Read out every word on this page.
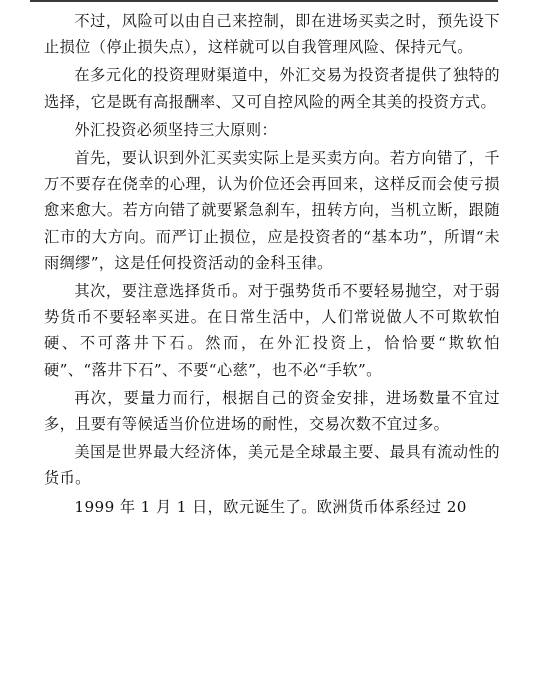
不过，风险可以由自己来控制，即在进场买卖之时，预先设下止损位（停止损失点），这样就可以自我管理风险、保持元气。

在多元化的投资理财渠道中，外汇交易为投资者提供了独特的选择，它是既有高报酬率、又可自控风险的两全其美的投资方式。

外汇投资必须坚持三大原则：

首先，要认识到外汇买卖实际上是买卖方向。若方向错了，千万不要存在侥幸的心理，认为价位还会再回来，这样反而会使亏损愈来愈大。若方向错了就要紧急刹车，扭转方向，当机立断，跟随汇市的大方向。而严订止损位，应是投资者的“基本功”，所谓“未雨绸缪”，这是任何投资活动的金科玉律。

其次，要注意选择货币。对于强势货币不要轻易抛空，对于弱势货币不要轻率买进。在日常生活中，人们常说做人不可欺软怕硬、不可落井下石。然而，在外汇投资上，恰恰要“欺软怕硬”、“落井下石”、不要“心慈”，也不必“手软”。

再次，要量力而行，根据自己的资金安排，进场数量不宜过多，且要有等候适当价位进场的耐性，交易次数不宜过多。

美国是世界最大经济体，美元是全球最主要、最具有流动性的货币。

1999 年 1 月 1 日，欧元诞生了。欧洲货币体系经过 20
